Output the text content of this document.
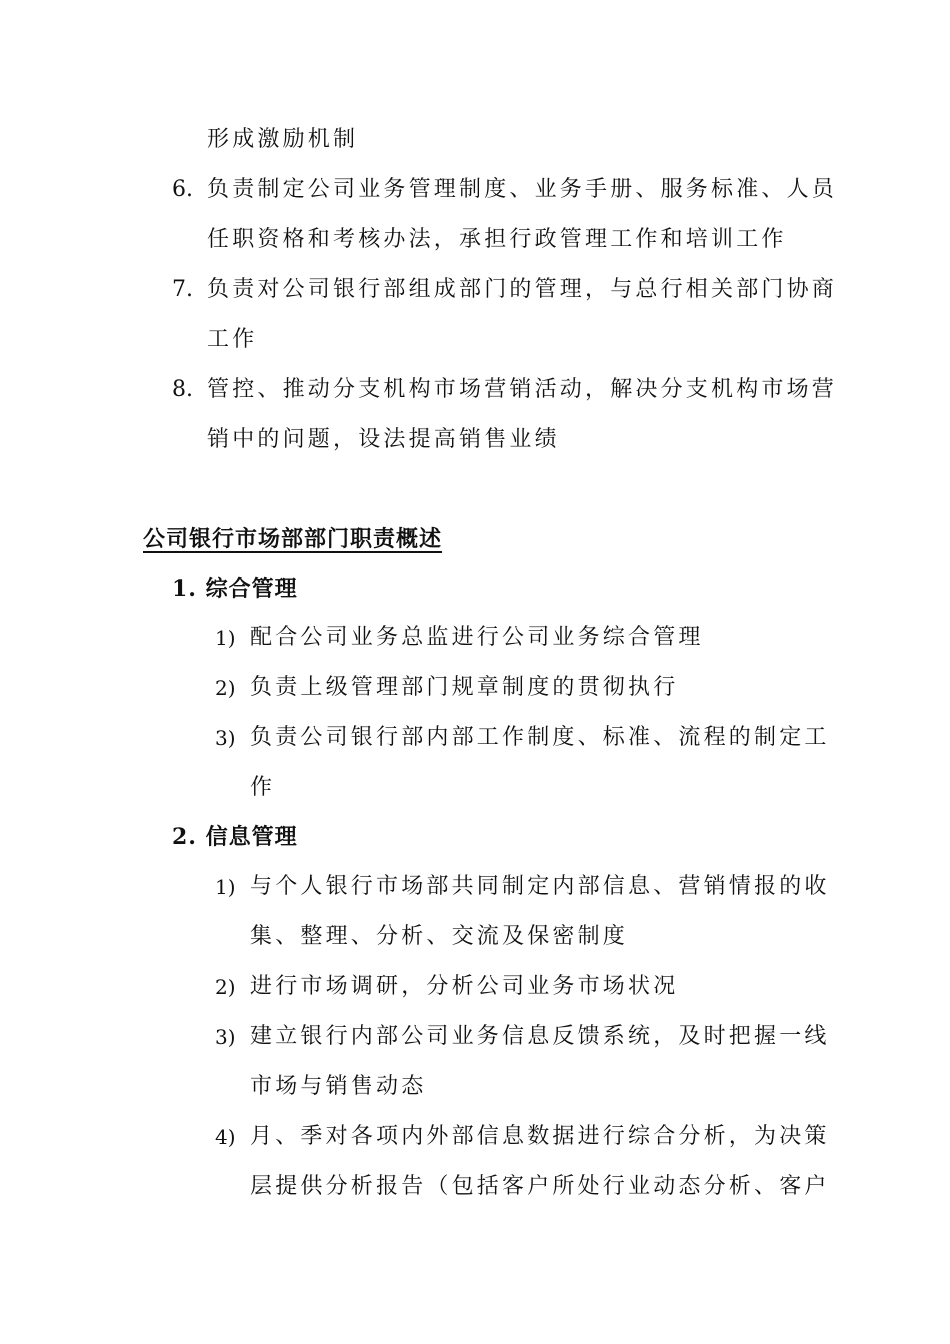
形成激励机制
6. 负责制定公司业务管理制度、业务手册、服务标准、人员
任职资格和考核办法，承担行政管理工作和培训工作
7. 负责对公司银行部组成部门的管理，与总行相关部门协商
工作
8. 管控、推动分支机构市场营销活动，解决分支机构市场营
销中的问题，设法提高销售业绩
公司银行市场部部门职责概述
1. 综合管理
1) 配合公司业务总监进行公司业务综合管理
2) 负责上级管理部门规章制度的贯彻执行
3) 负责公司银行部内部工作制度、标准、流程的制定工
作
2. 信息管理
1) 与个人银行市场部共同制定内部信息、营销情报的收
集、整理、分析、交流及保密制度
2) 进行市场调研，分析公司业务市场状况
3) 建立银行内部公司业务信息反馈系统，及时把握一线
市场与销售动态
4) 月、季对各项内外部信息数据进行综合分析，为决策
层提供分析报告（包括客户所处行业动态分析、客户
